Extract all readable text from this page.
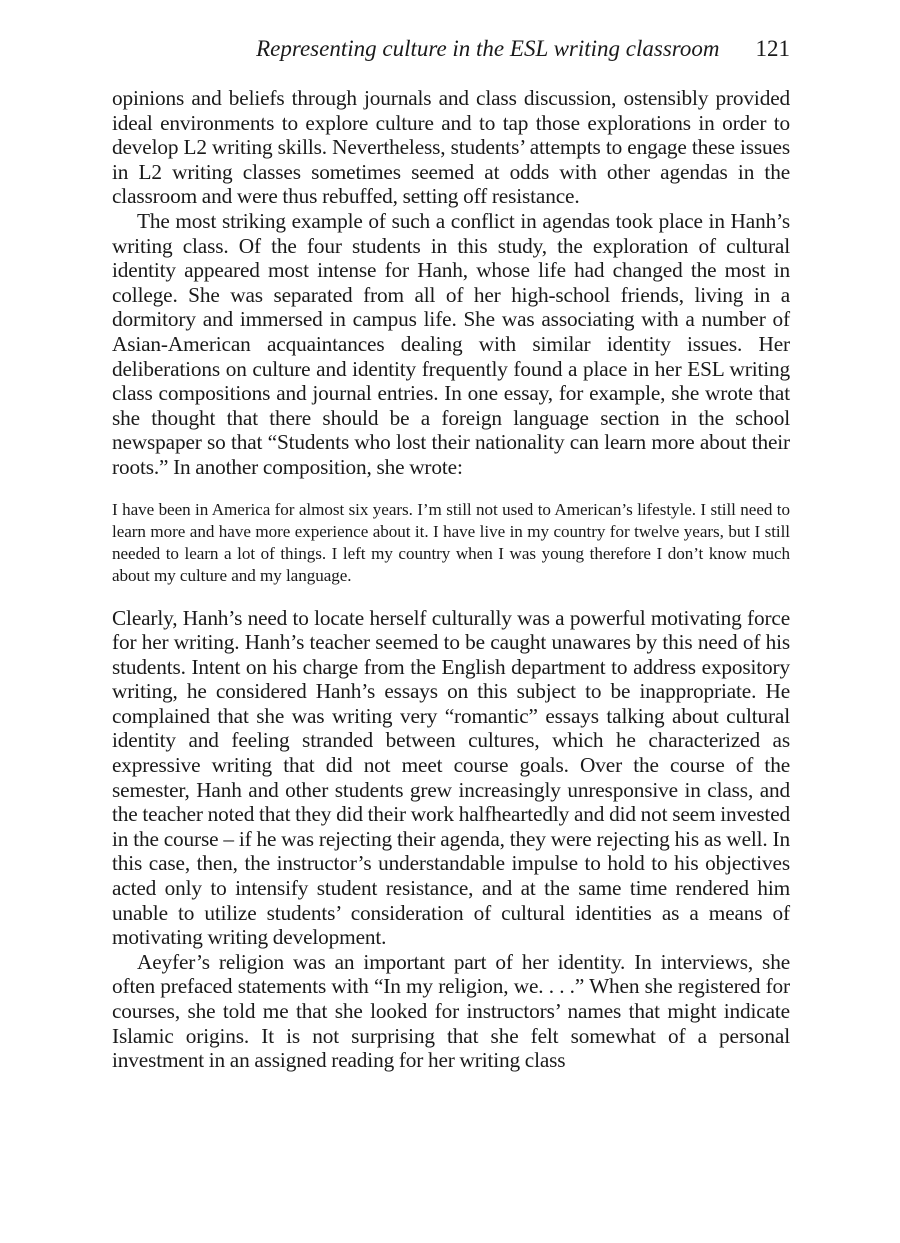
Representing culture in the ESL writing classroom 121

opinions and beliefs through journals and class discussion, ostensibly provided ideal environments to explore culture and to tap those explorations in order to develop L2 writing skills. Nevertheless, students’ attempts to engage these issues in L2 writing classes sometimes seemed at odds with other agendas in the classroom and were thus rebuffed, setting off resistance.

The most striking example of such a conflict in agendas took place in Hanh’s writing class. Of the four students in this study, the exploration of cultural identity appeared most intense for Hanh, whose life had changed the most in college. She was separated from all of her high-school friends, living in a dormitory and immersed in campus life. She was associating with a number of Asian-American acquaintances dealing with similar identity issues. Her deliberations on culture and identity frequently found a place in her ESL writing class compositions and journal entries. In one essay, for example, she wrote that she thought that there should be a foreign language section in the school newspaper so that “Students who lost their nationality can learn more about their roots.” In another composition, she wrote:

I have been in America for almost six years. I’m still not used to American’s lifestyle. I still need to learn more and have more experience about it. I have live in my country for twelve years, but I still needed to learn a lot of things. I left my country when I was young therefore I don’t know much about my culture and my language.

Clearly, Hanh’s need to locate herself culturally was a powerful motivating force for her writing. Hanh’s teacher seemed to be caught unawares by this need of his students. Intent on his charge from the English department to address expository writing, he considered Hanh’s essays on this subject to be inappropriate. He complained that she was writing very “romantic” essays talking about cultural identity and feeling stranded between cultures, which he characterized as expressive writing that did not meet course goals. Over the course of the semester, Hanh and other students grew increasingly unresponsive in class, and the teacher noted that they did their work halfheartedly and did not seem invested in the course – if he was rejecting their agenda, they were rejecting his as well. In this case, then, the instructor’s understandable impulse to hold to his objectives acted only to intensify student resistance, and at the same time rendered him unable to utilize students’ consideration of cultural identities as a means of motivating writing development.

Aeyfer’s religion was an important part of her identity. In interviews, she often prefaced statements with “In my religion, we. . . .” When she registered for courses, she told me that she looked for instructors’ names that might indicate Islamic origins. It is not surprising that she felt somewhat of a personal investment in an assigned reading for her writing class
